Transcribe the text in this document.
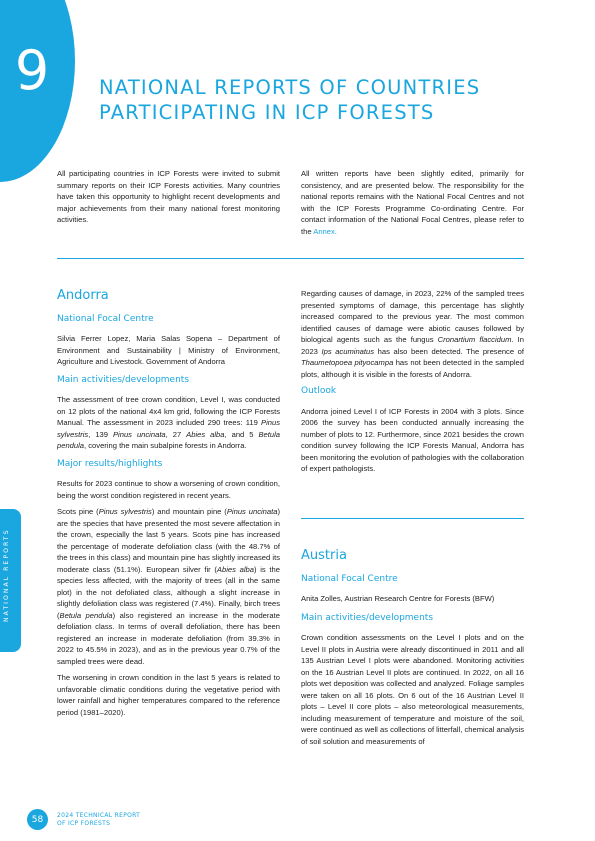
9	NATIONAL REPORTS OF COUNTRIES
PARTICIPATING IN ICP FORESTS
All participating countries in ICP Forests were invited to submit summary reports on their ICP Forests activities. Many countries have taken this opportunity to highlight recent developments and major achievements from their many national forest monitoring activities.
All written reports have been slightly edited, primarily for consistency, and are presented below. The responsibility for the national reports remains with the National Focal Centres and not with the ICP Forests Programme Co-ordinating Centre. For contact information of the National Focal Centres, please refer to the Annex.
Andorra
National Focal Centre

Silvia Ferrer Lopez, Maria Salas Sopena – Department of Environment and Sustainability | Ministry of Environment, Agriculture and Livestock. Government of Andorra

Main activities/developments

The assessment of tree crown condition, Level I, was conducted on 12 plots of the national 4x4 km grid, following the ICP Forests Manual. The assessment in 2023 included 290 trees: 119 Pinus sylvestris, 139 Pinus uncinata, 27 Abies alba, and 5 Betula pendula, covering the main subalpine forests in Andorra.

Major results/highlights

Results for 2023 continue to show a worsening of crown condition, being the worst condition registered in recent years.

Scots pine (Pinus sylvestris) and mountain pine (Pinus uncinata) are the species that have presented the most severe affectation in the crown, especially the last 5 years. Scots pine has increased the percentage of moderate defoliation class (with the 48.7% of the trees in this class) and mountain pine has slightly increased its moderate class (51.1%). European silver fir (Abies alba) is the species less affected, with the majority of trees (all in the same plot) in the not defoliated class, although a slight increase in slightly defoliation class was registered (7.4%). Finally, birch trees (Betula pendula) also registered an increase in the moderate defoliation class. In terms of overall defoliation, there has been registered an increase in moderate defoliation (from 39.3% in 2022 to 45.5% in 2023), and as in the previous year 0.7% of the sampled trees were dead.

The worsening in crown condition in the last 5 years is related to unfavorable climatic conditions during the vegetative period with lower rainfall and higher temperatures compared to the reference period (1981–2020).

Regarding causes of damage, in 2023, 22% of the sampled trees presented symptoms of damage, this percentage has slightly increased compared to the previous year. The most common identified causes of damage were abiotic causes followed by biological agents such as the fungus Cronartium flaccidum. In 2023 Ips acuminatus has also been detected. The presence of Thaumetopoea pityocampa has not been detected in the sampled plots, although it is visible in the forests of Andorra.

Outlook

Andorra joined Level I of ICP Forests in 2004 with 3 plots. Since 2006 the survey has been conducted annually increasing the number of plots to 12. Furthermore, since 2021 besides the crown condition survey following the ICP Forests Manual, Andorra has been monitoring the evolution of pathologies with the collaboration of expert pathologists.

Austria
National Focal Centre

Anita Zolles, Austrian Research Centre for Forests (BFW)

Main activities/developments

Crown condition assessments on the Level I plots and on the Level II plots in Austria were already discontinued in 2011 and all 135 Austrian Level I plots were abandoned. Monitoring activities on the 16 Austrian Level II plots are continued. In 2022, on all 16 plots wet deposition was collected and analyzed. Foliage samples were taken on all 16 plots. On 6 out of the 16 Austrian Level II plots – Level II core plots – also meteorological measurements, including measurement of temperature and moisture of the soil, were continued as well as collections of litterfall, chemical analysis of soil solution and measurements of

NATIONAL REPORTS
58	2024 TECHNICAL REPORT
OF ICP FORESTS
